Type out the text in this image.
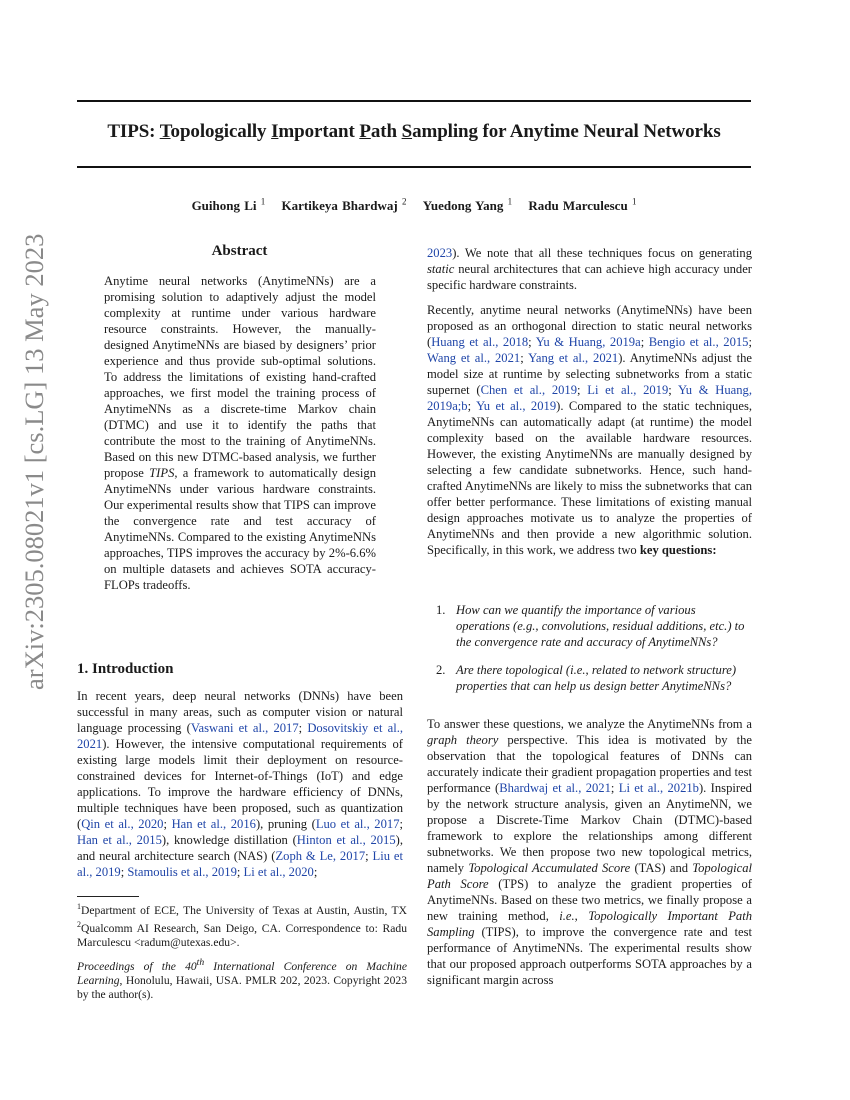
arXiv:2305.08021v1 [cs.LG] 13 May 2023
TIPS: Topologically Important Path Sampling for Anytime Neural Networks
Guihong Li $^1$ Kartikeya Bhardwaj $^2$ Yuedong Yang $^1$ Radu Marculescu $^1$
Abstract

Anytime neural networks (AnytimeNNs) are a promising solution to adaptively adjust the model complexity at runtime under various hardware resource constraints. However, the manually-designed AnytimeNNs are biased by designers’ prior experience and thus provide sub-optimal solutions. To address the limitations of existing hand-crafted approaches, we first model the training process of AnytimeNNs as a discrete-time Markov chain (DTMC) and use it to identify the paths that contribute the most to the training of AnytimeNNs. Based on this new DTMC-based analysis, we further propose TIPS, a framework to automatically design AnytimeNNs under various hardware constraints. Our experimental results show that TIPS can improve the convergence rate and test accuracy of AnytimeNNs. Compared to the existing AnytimeNNs approaches, TIPS improves the accuracy by 2%-6.6% on multiple datasets and achieves SOTA accuracy-FLOPs tradeoffs.

1. Introduction

In recent years, deep neural networks (DNNs) have been successful in many areas, such as computer vision or natural language processing (Vaswani et al., 2017; Dosovitskiy et al., 2021). However, the intensive computational requirements of existing large models limit their deployment on resource-constrained devices for Internet-of-Things (IoT) and edge applications. To improve the hardware efficiency of DNNs, multiple techniques have been proposed, such as quantization (Qin et al., 2020; Han et al., 2016), pruning (Luo et al., 2017; Han et al., 2015), knowledge distillation (Hinton et al., 2015), and neural architecture search (NAS) (Zoph & Le, 2017; Liu et al., 2019; Stamoulis et al., 2019; Li et al., 2020;

$^1$Department of ECE, The University of Texas at Austin, Austin, TX $^2$Qualcomm AI Research, San Deigo, CA. Correspondence to: Radu Marculescu <radum@utexas.edu>.

Proceedings of the 40th International Conference on Machine Learning, Honolulu, Hawaii, USA. PMLR 202, 2023. Copyright 2023 by the author(s).

2023). We note that all these techniques focus on generating static neural architectures that can achieve high accuracy under specific hardware constraints.

Recently, anytime neural networks (AnytimeNNs) have been proposed as an orthogonal direction to static neural networks (Huang et al., 2018; Yu & Huang, 2019a; Bengio et al., 2015; Wang et al., 2021; Yang et al., 2021). AnytimeNNs adjust the model size at runtime by selecting subnetworks from a static supernet (Chen et al., 2019; Li et al., 2019; Yu & Huang, 2019a;b; Yu et al., 2019). Compared to the static techniques, AnytimeNNs can automatically adapt (at runtime) the model complexity based on the available hardware resources. However, the existing AnytimeNNs are manually designed by selecting a few candidate subnetworks. Hence, such hand-crafted AnytimeNNs are likely to miss the subnetworks that can offer better performance. These limitations of existing manual design approaches motivate us to analyze the properties of AnytimeNNs and then provide a new algorithmic solution. Specifically, in this work, we address two key questions:

1. How can we quantify the importance of various operations (e.g., convolutions, residual additions, etc.) to the convergence rate and accuracy of AnytimeNNs?

2. Are there topological (i.e., related to network structure) properties that can help us design better AnytimeNNs?

To answer these questions, we analyze the AnytimeNNs from a graph theory perspective. This idea is motivated by the observation that the topological features of DNNs can accurately indicate their gradient propagation properties and test performance (Bhardwaj et al., 2021; Li et al., 2021b). Inspired by the network structure analysis, given an AnytimeNN, we propose a Discrete-Time Markov Chain (DTMC)-based framework to explore the relationships among different subnetworks. We then propose two new topological metrics, namely Topological Accumulated Score (TAS) and Topological Path Score (TPS) to analyze the gradient properties of AnytimeNNs. Based on these two metrics, we finally propose a new training method, i.e., Topologically Important Path Sampling (TIPS), to improve the convergence rate and test performance of AnytimeNNs. The experimental results show that our proposed approach outperforms SOTA approaches by a significant margin across
